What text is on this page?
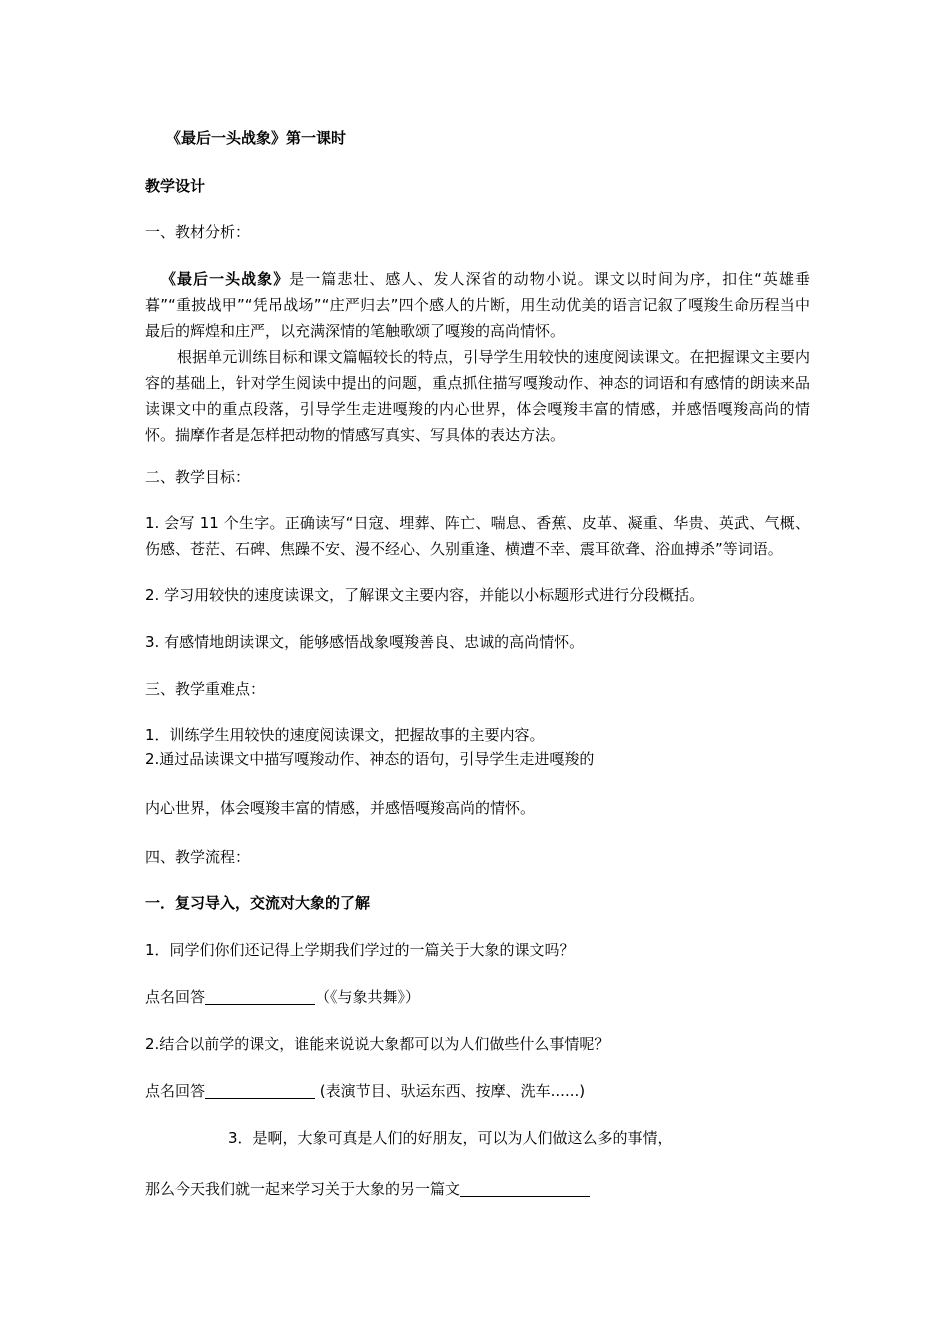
《最后一头战象》第一课时
教学设计
一、教材分析：
《最后一头战象》是一篇悲壮、感人、发人深省的动物小说。课文以时间为序，扣住“英雄垂暮”“重披战甲”“凭吊战场”“庄严归去”四个感人的片断，用生动优美的语言记叙了嘎羧生命历程当中最后的辉煌和庄严，以充满深情的笔触歌颂了嘎羧的高尚情怀。
根据单元训练目标和课文篇幅较长的特点，引导学生用较快的速度阅读课文。在把握课文主要内容的基础上，针对学生阅读中提出的问题，重点抓住描写嘎羧动作、神态的词语和有感情的朗读来品读课文中的重点段落，引导学生走进嘎羧的内心世界，体会嘎羧丰富的情感，并感悟嘎羧高尚的情怀。揣摩作者是怎样把动物的情感写真实、写具体的表达方法。
二、教学目标：
1. 会写 11 个生字。正确读写“日寇、埋葬、阵亡、喘息、香蕉、皮革、凝重、华贵、英武、气概、伤感、苍茫、石碑、焦躁不安、漫不经心、久别重逢、横遭不幸、震耳欲聋、浴血搏杀”等词语。
2. 学习用较快的速度读课文，了解课文主要内容，并能以小标题形式进行分段概括。
3. 有感情地朗读课文，能够感悟战象嘎羧善良、忠诚的高尚情怀。
三、教学重难点：
1．训练学生用较快的速度阅读课文，把握故事的主要内容。
2.通过品读课文中描写嘎羧动作、神态的语句，引导学生走进嘎羧的
内心世界，体会嘎羧丰富的情感，并感悟嘎羧高尚的情怀。
四、教学流程：
一．复习导入，交流对大象的了解
1．同学们你们还记得上学期我们学过的一篇关于大象的课文吗？
点名回答	（《与象共舞》）
2.结合以前学的课文，谁能来说说大象都可以为人们做些什么事情呢？
点名回答	(表演节目、驮运东西、按摩、洗车......)
3．是啊，大象可真是人们的好朋友，可以为人们做这么多的事情，
那么今天我们就一起来学习关于大象的另一篇文
